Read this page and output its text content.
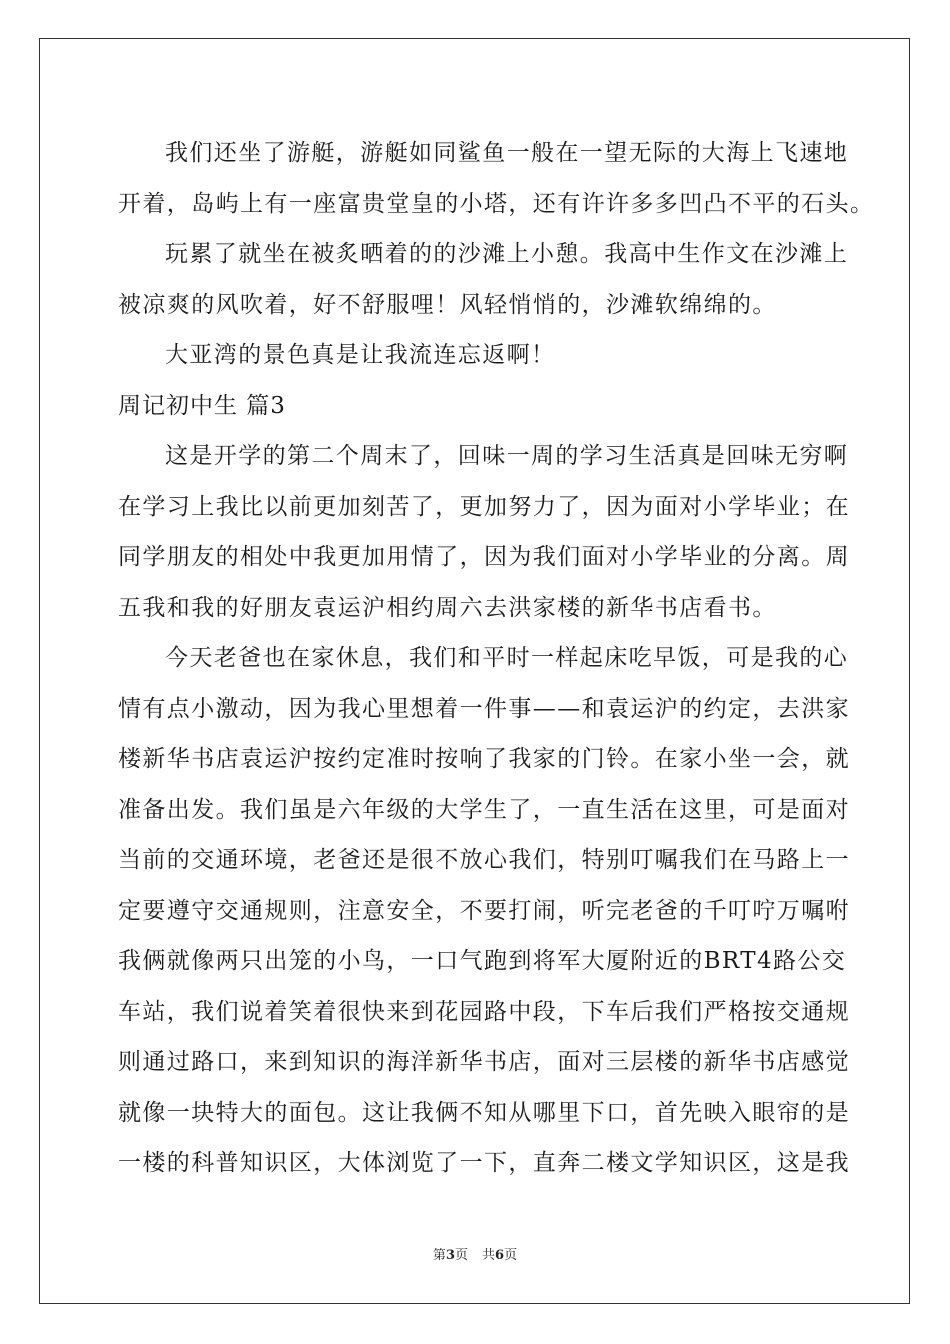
我们还坐了游艇，游艇如同鲨鱼一般在一望无际的大海上飞速地
开着，岛屿上有一座富贵堂皇的小塔，还有许许多多凹凸不平的石头。
玩累了就坐在被炙晒着的的沙滩上小憩。我高中生作文在沙滩上
被凉爽的风吹着，好不舒服哩！风轻悄悄的，沙滩软绵绵的。
大亚湾的景色真是让我流连忘返啊！
周记初中生 篇3
这是开学的第二个周末了，回味一周的学习生活真是回味无穷啊
在学习上我比以前更加刻苦了，更加努力了，因为面对小学毕业；在
同学朋友的相处中我更加用情了，因为我们面对小学毕业的分离。周
五我和我的好朋友袁运沪相约周六去洪家楼的新华书店看书。
今天老爸也在家休息，我们和平时一样起床吃早饭，可是我的心
情有点小激动，因为我心里想着一件事——和袁运沪的约定，去洪家
楼新华书店袁运沪按约定准时按响了我家的门铃。在家小坐一会，就
准备出发。我们虽是六年级的大学生了，一直生活在这里，可是面对
当前的交通环境，老爸还是很不放心我们，特别叮嘱我们在马路上一
定要遵守交通规则，注意安全，不要打闹，听完老爸的千叮咛万嘱咐
我俩就像两只出笼的小鸟，一口气跑到将军大厦附近的BRT4路公交
车站，我们说着笑着很快来到花园路中段，下车后我们严格按交通规
则通过路口，来到知识的海洋新华书店，面对三层楼的新华书店感觉
就像一块特大的面包。这让我俩不知从哪里下口，首先映入眼帘的是
一楼的科普知识区，大体浏览了一下，直奔二楼文学知识区，这是我
第3页 共6页
